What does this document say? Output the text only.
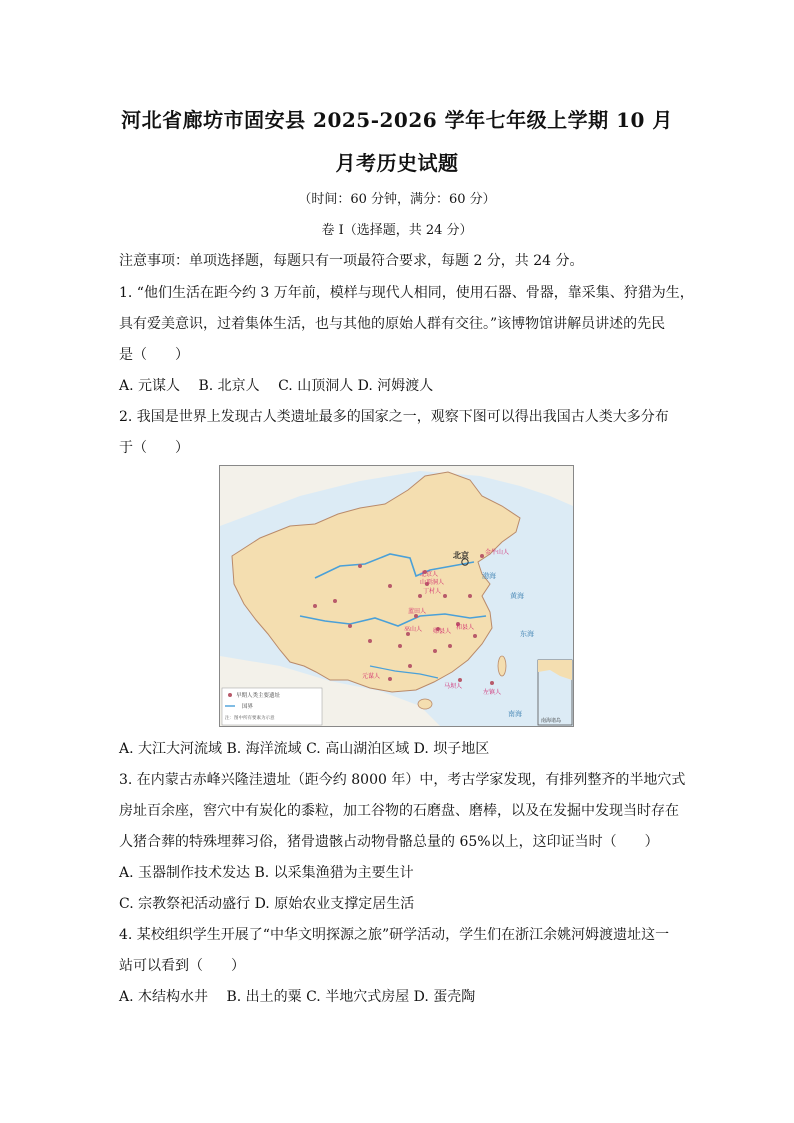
河北省廊坊市固安县 2025-2026 学年七年级上学期 10 月
月考历史试题
（时间：60 分钟，满分：60 分）
卷 I（选择题，共 24 分）
注意事项：单项选择题，每题只有一项最符合要求，每题 2 分，共 24 分。
1. “他们生活在距今约 3 万年前，模样与现代人相同，使用石器、骨器，靠采集、狩猎为生，
具有爱美意识，过着集体生活，也与其他的原始人群有交往。”该博物馆讲解员讲述的先民
是（　　）
A. 元谋人　 B. 北京人　 C. 山顶洞人 D. 河姆渡人
2. 我国是世界上发现古人类遗址最多的国家之一，观察下图可以得出我国古人类大多分布
于（　　）
北京	金牛山人
北京人
山顶洞人
丁村人
蓝田人
郧县人
和县人
巫山人
元谋人
马坝人
左镇人
渤海
黄海
东海
南海
早期人类主要遗址
国界
注：图中所有要素为示意	南海诸岛
A. 大江大河流域 B. 海洋流域 C. 高山湖泊区域 D. 坝子地区
3. 在内蒙古赤峰兴隆洼遗址（距今约 8000 年）中，考古学家发现，有排列整齐的半地穴式
房址百余座，窖穴中有炭化的黍粒，加工谷物的石磨盘、磨棒，以及在发掘中发现当时存在
人猪合葬的特殊埋葬习俗，猪骨遗骸占动物骨骼总量的 65%以上，这印证当时（　　）
A. 玉器制作技术发达 B. 以采集渔猎为主要生计
C. 宗教祭祀活动盛行 D. 原始农业支撑定居生活
4. 某校组织学生开展了“中华文明探源之旅”研学活动，学生们在浙江余姚河姆渡遗址这一
站可以看到（　　）
A. 木结构水井　 B. 出土的粟 C. 半地穴式房屋 D. 蛋壳陶
